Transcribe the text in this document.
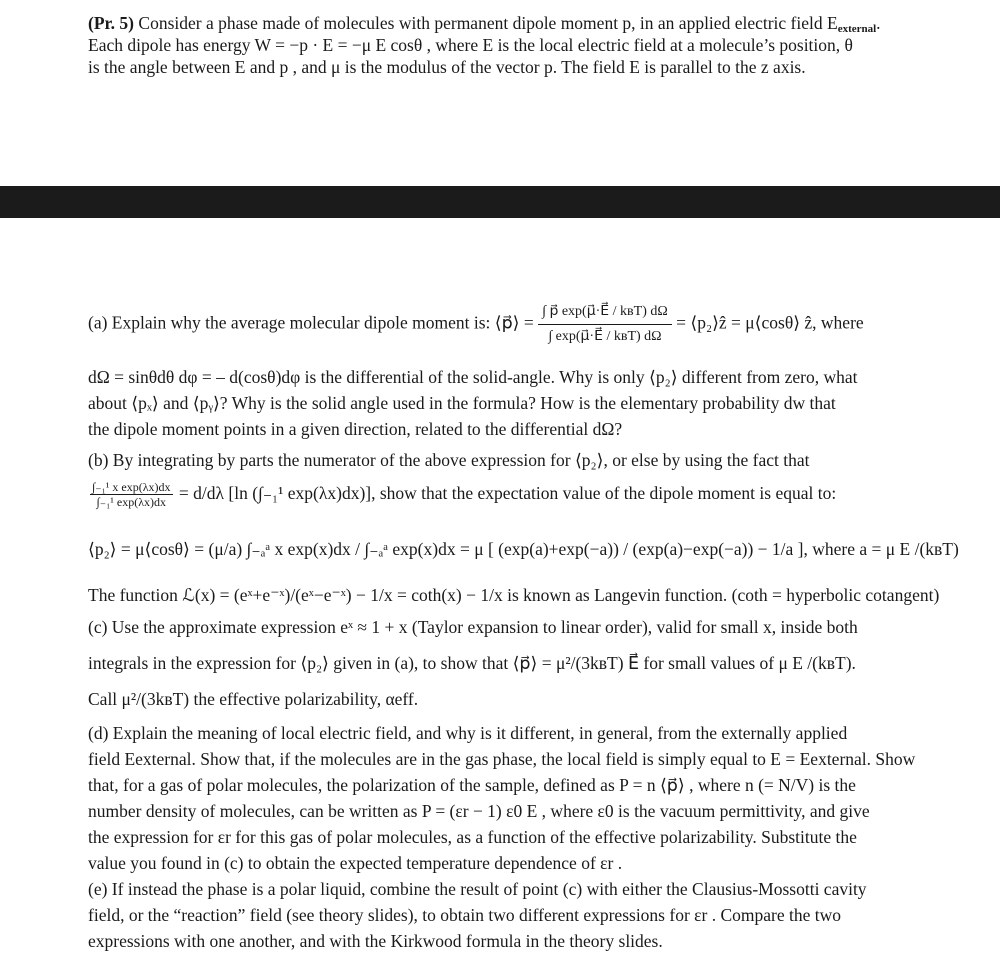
(Pr. 5) Consider a phase made of molecules with permanent dipole moment p, in an applied electric field $E_{external}$.
Each dipole has energy W = −p · E = −μ E cosθ , where E is the local electric field at a molecule’s position, θ
is the angle between E and p , and μ is the modulus of the vector p. The field E is parallel to the z axis.
(a) Explain why the average molecular dipole moment is: ⟨p⃗⟩ = $\frac{\text{∫ p⃗ exp(μ⃗·E⃗ / kʙT) dΩ}}{\text{∫ exp(μ⃗·E⃗ / kʙT) dΩ}}$ = ⟨p₂⟩ẑ = μ⟨cosθ⟩ ẑ, where
dΩ = sinθdθ dφ = – d(cosθ)dφ is the differential of the solid-angle. Why is only ⟨p₂⟩ different from zero, what
about ⟨pₓ⟩ and ⟨pᵧ⟩? Why is the solid angle used in the formula? How is the elementary probability dw that
the dipole moment points in a given direction, related to the differential dΩ?
(b) By integrating by parts the numerator of the above expression for ⟨p₂⟩, or else by using the fact that
$\frac{\text{∫₋₁¹ x exp(λx)dx}}{\text{∫₋₁¹ exp(λx)dx}} = d/d\lambda$ [ln (∫₋₁¹ exp(λx)dx)], show that the expectation value of the dipole moment is equal to:
⟨p₂⟩ = μ⟨cosθ⟩ = (μ/a) ∫₋ₐᵃ x exp(x)dx / ∫₋ₐᵃ exp(x)dx = μ [ (exp(a)+exp(−a)) / (exp(a)−exp(−a)) − 1/a ], where a = μ E /(kʙT)
The function ℒ(x) = (eˣ+e⁻ˣ)/(eˣ−e⁻ˣ) − 1/x = coth(x) − 1/x is known as Langevin function. (coth = hyperbolic cotangent)
(c) Use the approximate expression eˣ ≈ 1 + x (Taylor expansion to linear order), valid for small x, inside both
integrals in the expression for ⟨p₂⟩ given in (a), to show that ⟨p⃗⟩ = μ²/(3kʙT) E⃗ for small values of μ E /(kʙT).
Call μ²/(3kʙT) the effective polarizability, αeff.
(d) Explain the meaning of local electric field, and why is it different, in general, from the externally applied
field Eexternal. Show that, if the molecules are in the gas phase, the local field is simply equal to E = Eexternal. Show
that, for a gas of polar molecules, the polarization of the sample, defined as P = n ⟨p⃗⟩ , where n (= N/V) is the
number density of molecules, can be written as P = (εr − 1) ε0 E , where ε0 is the vacuum permittivity, and give
the expression for εr for this gas of polar molecules, as a function of the effective polarizability. Substitute the
value you found in (c) to obtain the expected temperature dependence of εr .
(e) If instead the phase is a polar liquid, combine the result of point (c) with either the Clausius-Mossotti cavity
field, or the “reaction” field (see theory slides), to obtain two different expressions for εr . Compare the two
expressions with one another, and with the Kirkwood formula in the theory slides.
